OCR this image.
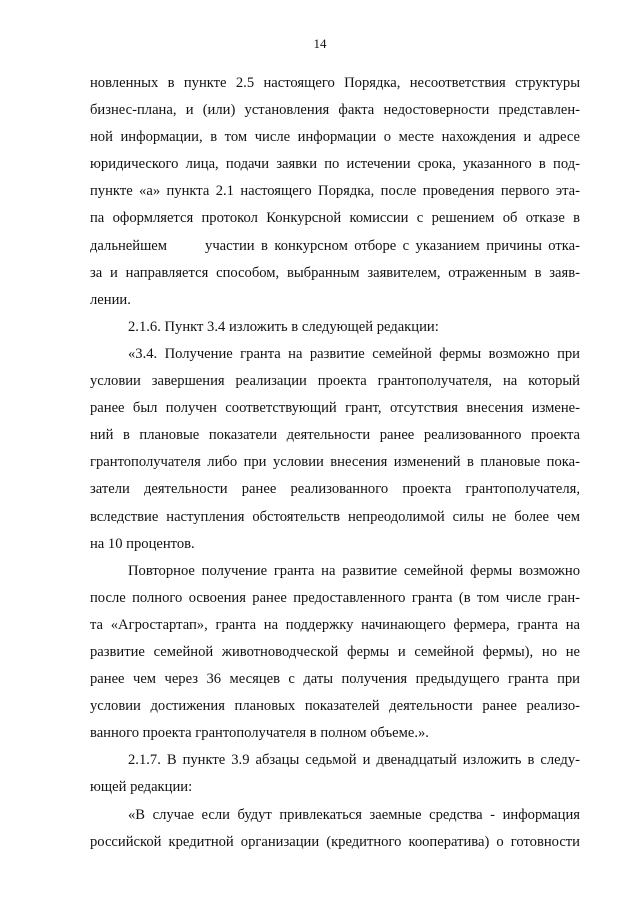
14
новленных в пункте 2.5 настоящего Порядка, несоответствия структуры
бизнес-плана, и (или) установления факта недостоверности представлен-
ной информации, в том числе информации о месте нахождения и адресе
юридического лица, подачи заявки по истечении срока, указанного в под-
пункте «а» пункта 2.1 настоящего Порядка, после проведения первого эта-
па оформляется протокол Конкурсной комиссии с решением об отказе в
дальнейшем	участии в конкурсном отборе с указанием причины отка-
за и направляется способом, выбранным заявителем, отраженным в заяв-
лении.
2.1.6. Пункт 3.4 изложить в следующей редакции:
«3.4. Получение гранта на развитие семейной фермы возможно при
условии завершения реализации проекта грантополучателя, на который
ранее был получен соответствующий грант, отсутствия внесения измене-
ний в плановые показатели деятельности ранее реализованного проекта
грантополучателя либо при условии внесения изменений в плановые пока-
затели деятельности ранее реализованного проекта грантополучателя,
вследствие наступления обстоятельств непреодолимой силы не более чем
на 10 процентов.
Повторное получение гранта на развитие семейной фермы возможно
после полного освоения ранее предоставленного гранта (в том числе гран-
та «Агростартап», гранта на поддержку начинающего фермера, гранта на
развитие семейной животноводческой фермы и семейной фермы), но не
ранее чем через 36 месяцев с даты получения предыдущего гранта при
условии достижения плановых показателей деятельности ранее реализо-
ванного проекта грантополучателя в полном объеме.».
2.1.7. В пункте 3.9 абзацы седьмой и двенадцатый изложить в следу-
ющей редакции:
«В случае если будут привлекаться заемные средства - информация
российской кредитной организации (кредитного кооператива) о готовности
